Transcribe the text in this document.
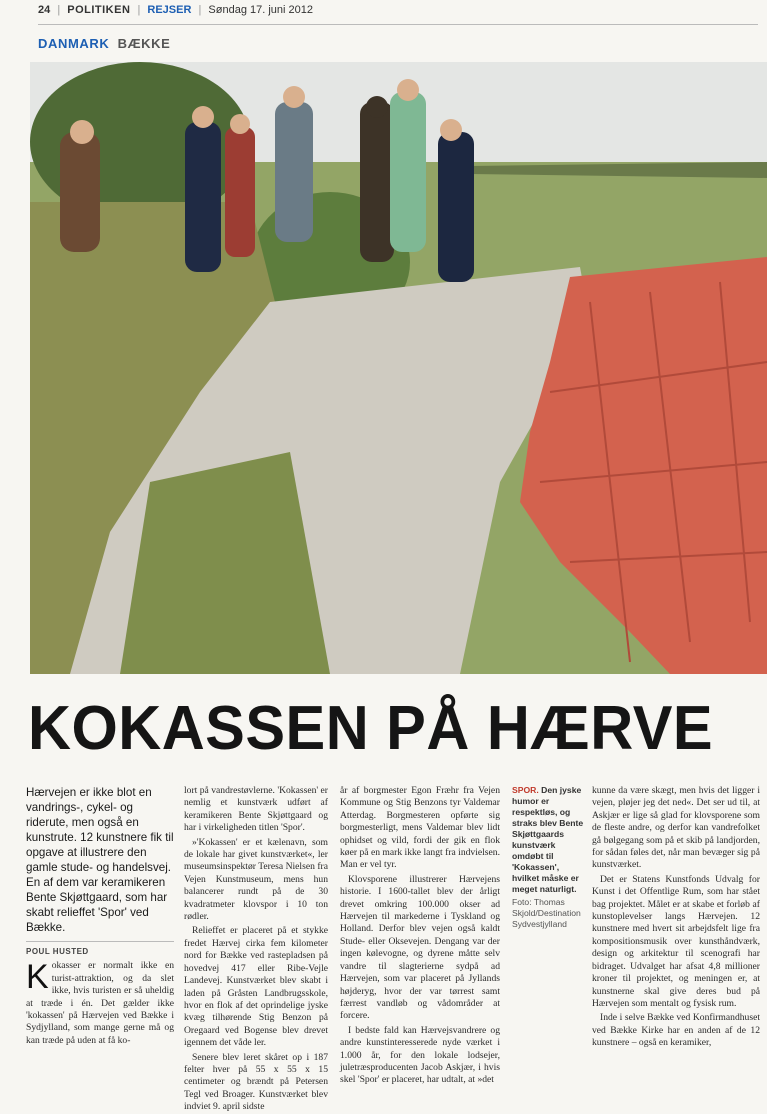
24 | POLITIKEN | REJSER | Søndag 17. juni 2012
DANMARK BÆKKE
KOKASSEN PÅ HÆRVE

Hærvejen er ikke blot en vandrings-, cykel- og riderute, men også en kunstrute. 12 kunstnere fik til opgave at illustrere den gamle stude- og handelsvej. En af dem var keramikeren Bente Skjøttgaard, som har skabt relieffet 'Spor' ved Bække.

POUL HUSTED

Kokasser er normalt ikke en turist-attraktion, og da slet ikke, hvis turisten er så uheldig at træde i én. Det gælder ikke 'kokassen' på Hærvejen ved Bække i Sydjylland, som mange gerne må og kan træde på uden at få ko-

lort på vandrestøvlerne. 'Kokassen' er nemlig et kunstværk udført af keramikeren Bente Skjøttgaard og har i virkeligheden titlen 'Spor'.

»'Kokassen' er et kælenavn, som de lokale har givet kunstværket«, ler museumsinspektør Teresa Nielsen fra Vejen Kunstmuseum, mens hun balancerer rundt på de 30 kvadratmeter klovspor i 10 ton rødler.

Relieffet er placeret på et stykke fredet Hærvej cirka fem kilometer nord for Bække ved rastepladsen på hovedvej 417 eller Ribe-Vejle Landevej. Kunstværket blev skabt i laden på Gråsten Landbrugsskole, hvor en flok af det oprindelige jyske kvæg tilhørende Stig Benzon på Oregaard ved Bogense blev drevet igennem det våde ler.

Senere blev leret skåret op i 187 felter hver på 55 x 55 x 15 centimeter og brændt på Petersen Tegl ved Broager. Kunstværket blev indviet 9. april sidste

år af borgmester Egon Fræhr fra Vejen Kommune og Stig Benzons tyr Valdemar Atterdag. Borgmesteren opførte sig borgmesterligt, mens Valdemar blev lidt ophidset og vild, fordi der gik en flok køer på en mark ikke langt fra indvielsen. Man er vel tyr.

Klovsporene illustrerer Hærvejens historie. I 1600-tallet blev der årligt drevet omkring 100.000 okser ad Hærvejen til markederne i Tyskland og Holland. Derfor blev vejen også kaldt Stude- eller Oksevejen. Dengang var der ingen kølevogne, og dyrene måtte selv vandre til slagterierne sydpå ad Hærvejen, som var placeret på Jyllands højderyg, hvor der var tørrest samt færrest vandløb og vådområder at forcere.

I bedste fald kan Hærvejsvandrere og andre kunstinteresserede nyde værket i 1.000 år, for den lokale lodsejer, juletræsproducenten Jacob Askjær, i hvis skel 'Spor' er placeret, har udtalt, at »det

SPOR. Den jyske humor er respektløs, og straks blev Bente Skjøttgaards kunstværk omdøbt til 'Kokassen', hvilket måske er meget naturligt.

Foto: Thomas Skjold/Destination Sydvestjylland

kunne da være skægt, men hvis det ligger i vejen, pløjer jeg det ned«. Det ser ud til, at Askjær er lige så glad for klovsporene som de fleste andre, og derfor kan vandrefolket gå bølgegang som på et skib på landjorden, for sådan føles det, når man bevæger sig på kunstværket.

Det er Statens Kunstfonds Udvalg for Kunst i det Offentlige Rum, som har stået bag projektet. Målet er at skabe et forløb af kunstoplevelser langs Hærvejen. 12 kunstnere med hvert sit arbejdsfelt lige fra kompositionsmusik over kunsthåndværk, design og arkitektur til scenografi har bidraget. Udvalget har afsat 4,8 millioner kroner til projektet, og meningen er, at kunstnerne skal give deres bud på Hærvejen som mentalt og fysisk rum.

Inde i selve Bække ved Konfirmandhuset ved Bække Kirke har en anden af de 12 kunstnere – også en keramiker,
